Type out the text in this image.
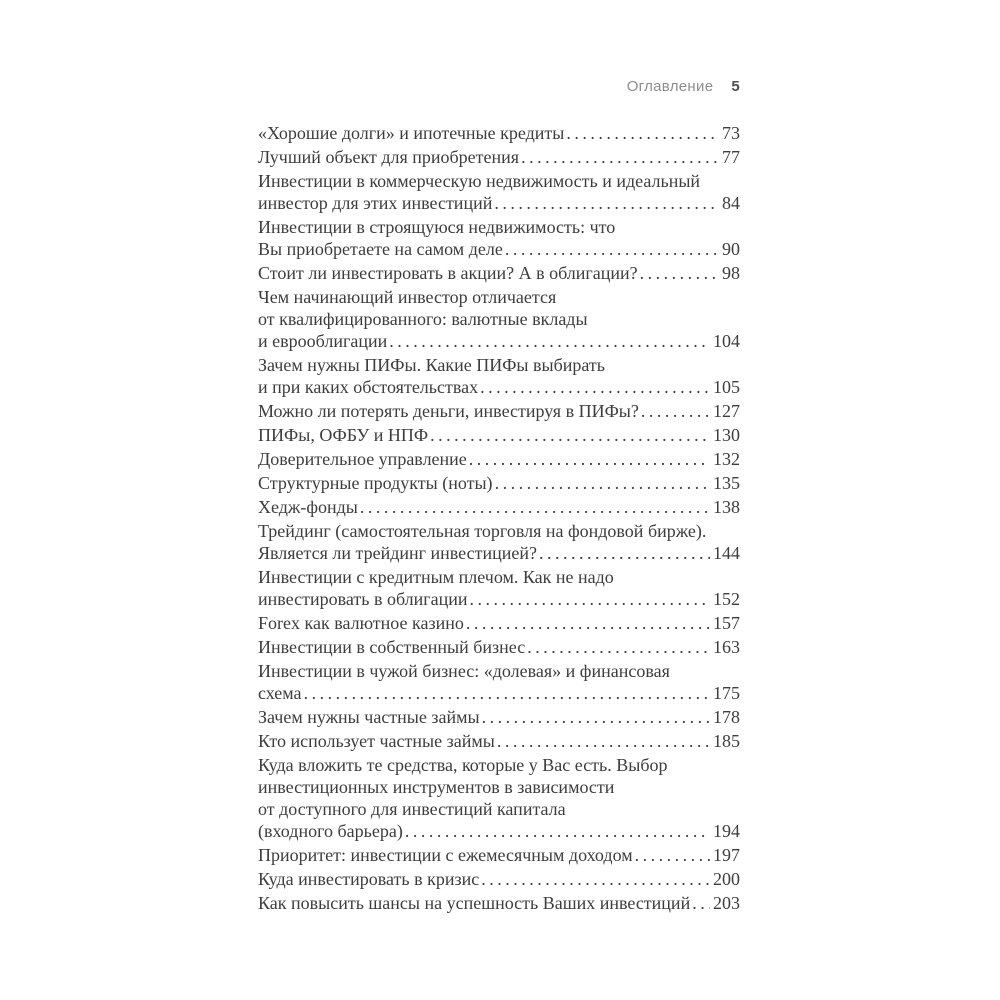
Оглавление 5
«Хорошие долги» и ипотечные кредиты .....	73
Лучший объект для приобретения .....	77
Инвестиции в коммерческую недвижимость и идеальный
инвестор для этих инвестиций .....	84
Инвестиции в строящуюся недвижимость: что
Вы приобретаете на самом деле .....	90
Стоит ли инвестировать в акции? А в облигации? .....	98
Чем начинающий инвестор отличается
от квалифицированного: валютные вклады
и еврооблигации .....	104
Зачем нужны ПИФы. Какие ПИФы выбирать
и при каких обстоятельствах .....	105
Можно ли потерять деньги, инвестируя в ПИФы? .....	127
ПИФы, ОФБУ и НПФ .....	130
Доверительное управление .....	132
Структурные продукты (ноты) .....	135
Хедж-фонды .....	138
Трейдинг (самостоятельная торговля на фондовой бирже).
Является ли трейдинг инвестицией? .....	144
Инвестиции с кредитным плечом. Как не надо
инвестировать в облигации .....	152
Forex как валютное казино .....	157
Инвестиции в собственный бизнес .....	163
Инвестиции в чужой бизнес: «долевая» и финансовая
схема .....	175
Зачем нужны частные займы .....	178
Кто использует частные займы .....	185
Куда вложить те средства, которые у Вас есть. Выбор
инвестиционных инструментов в зависимости
от доступного для инвестиций капитала
(входного барьера) .....	194
Приоритет: инвестиции с ежемесячным доходом .....	197
Куда инвестировать в кризис .....	200
Как повысить шансы на успешность Ваших инвестиций ..... 203
